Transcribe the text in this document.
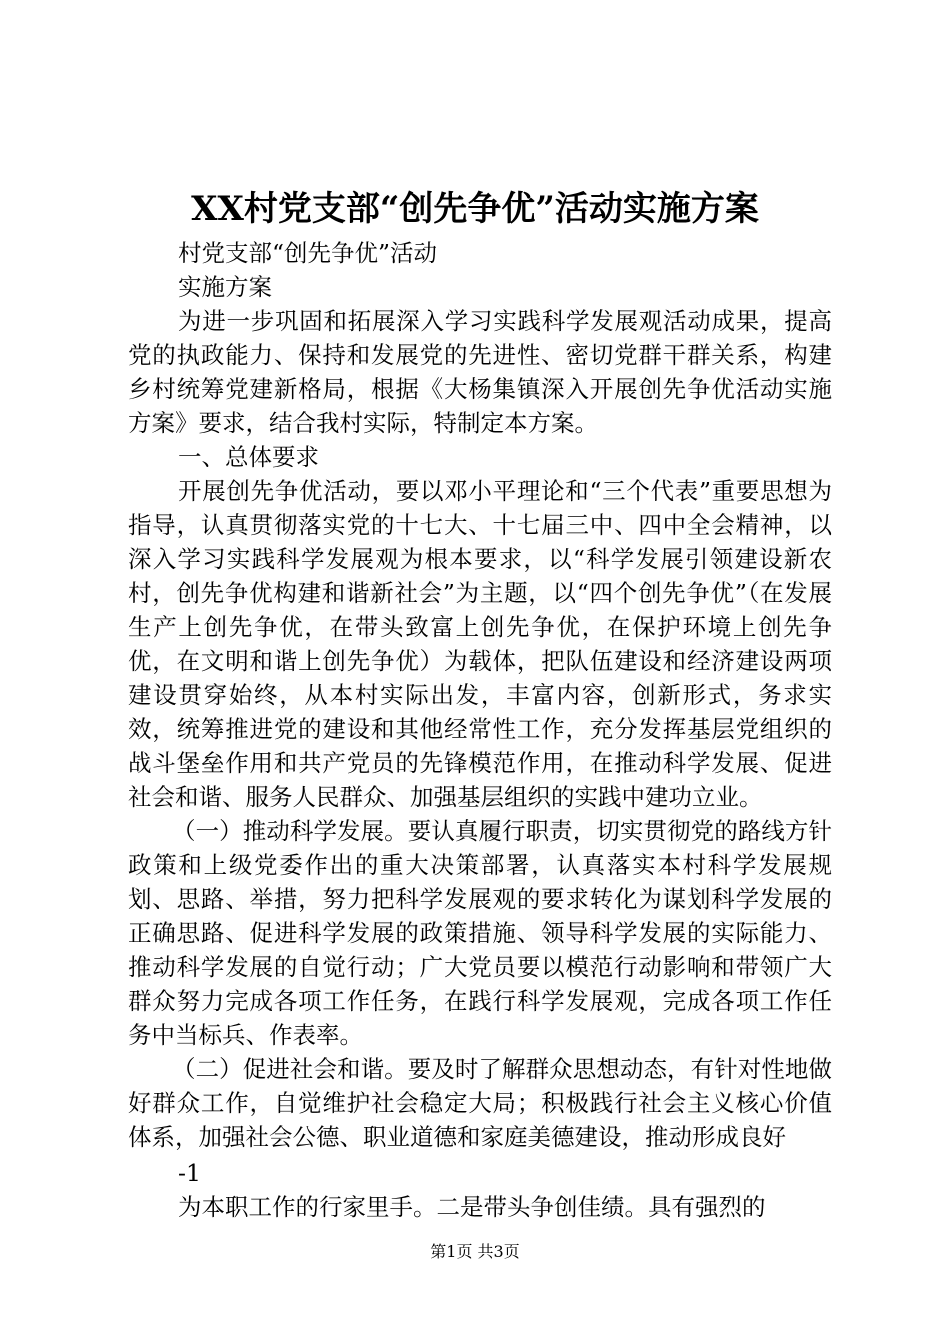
XX村党支部“创先争优”活动实施方案

村党支部“创先争优”活动

实施方案

为进一步巩固和拓展深入学习实践科学发展观活动成果，提高党的执政能力、保持和发展党的先进性、密切党群干群关系，构建乡村统筹党建新格局，根据《大杨集镇深入开展创先争优活动实施方案》要求，结合我村实际，特制定本方案。

一、总体要求

开展创先争优活动，要以邓小平理论和“三个代表”重要思想为指导，认真贯彻落实党的十七大、十七届三中、四中全会精神，以深入学习实践科学发展观为根本要求，以“科学发展引领建设新农村，创先争优构建和谐新社会”为主题，以“四个创先争优”（在发展生产上创先争优，在带头致富上创先争优，在保护环境上创先争优，在文明和谐上创先争优）为载体，把队伍建设和经济建设两项建设贯穿始终，从本村实际出发，丰富内容，创新形式，务求实效，统筹推进党的建设和其他经常性工作，充分发挥基层党组织的战斗堡垒作用和共产党员的先锋模范作用，在推动科学发展、促进社会和谐、服务人民群众、加强基层组织的实践中建功立业。

（一）推动科学发展。要认真履行职责，切实贯彻党的路线方针政策和上级党委作出的重大决策部署，认真落实本村科学发展规划、思路、举措，努力把科学发展观的要求转化为谋划科学发展的正确思路、促进科学发展的政策措施、领导科学发展的实际能力、推动科学发展的自觉行动；广大党员要以模范行动影响和带领广大群众努力完成各项工作任务，在践行科学发展观，完成各项工作任务中当标兵、作表率。

（二）促进社会和谐。要及时了解群众思想动态，有针对性地做好群众工作，自觉维护社会稳定大局；积极践行社会主义核心价值体系，加强社会公德、职业道德和家庭美德建设，推动形成良好

-1

为本职工作的行家里手。二是带头争创佳绩。具有强烈的

第1页 共3页
